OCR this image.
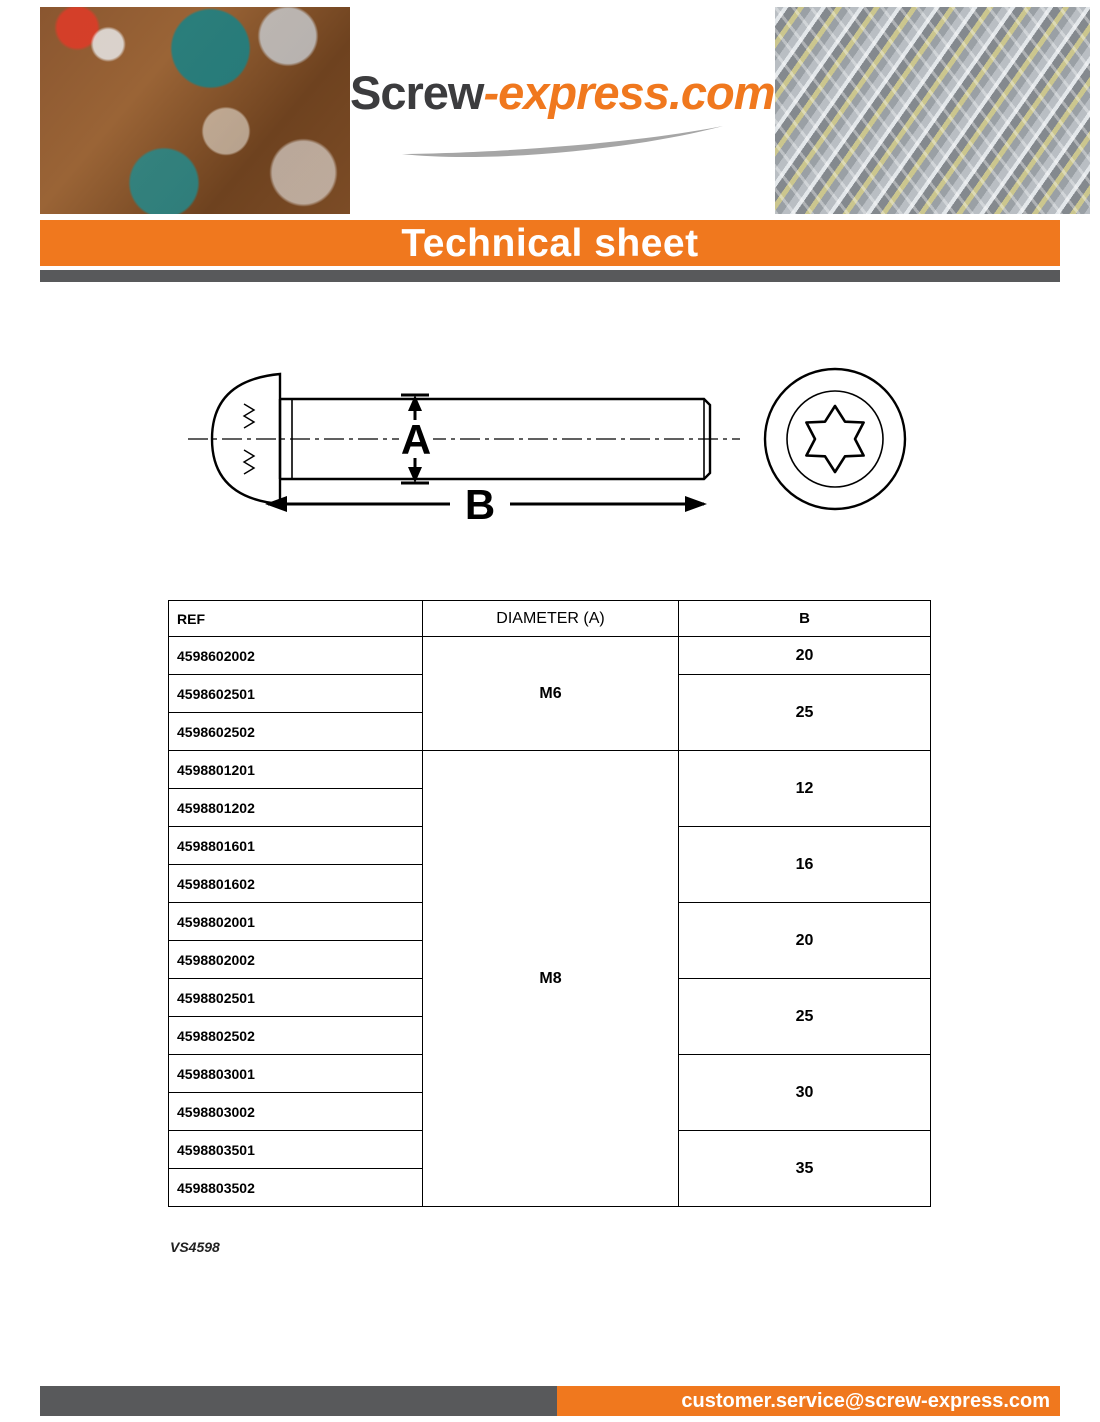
Screw-express.com
Technical sheet
A
B
REF	DIAMETER (A)	B
4598602002	M6	20
4598602501		25
4598602502		
4598801201	M8	12
4598801202		
4598801601		16
4598801602		
4598802001		20
4598802002		
4598802501		25
4598802502		
4598803001		30
4598803002		
4598803501		35
4598803502		
VS4598
customer.service@screw-express.com
